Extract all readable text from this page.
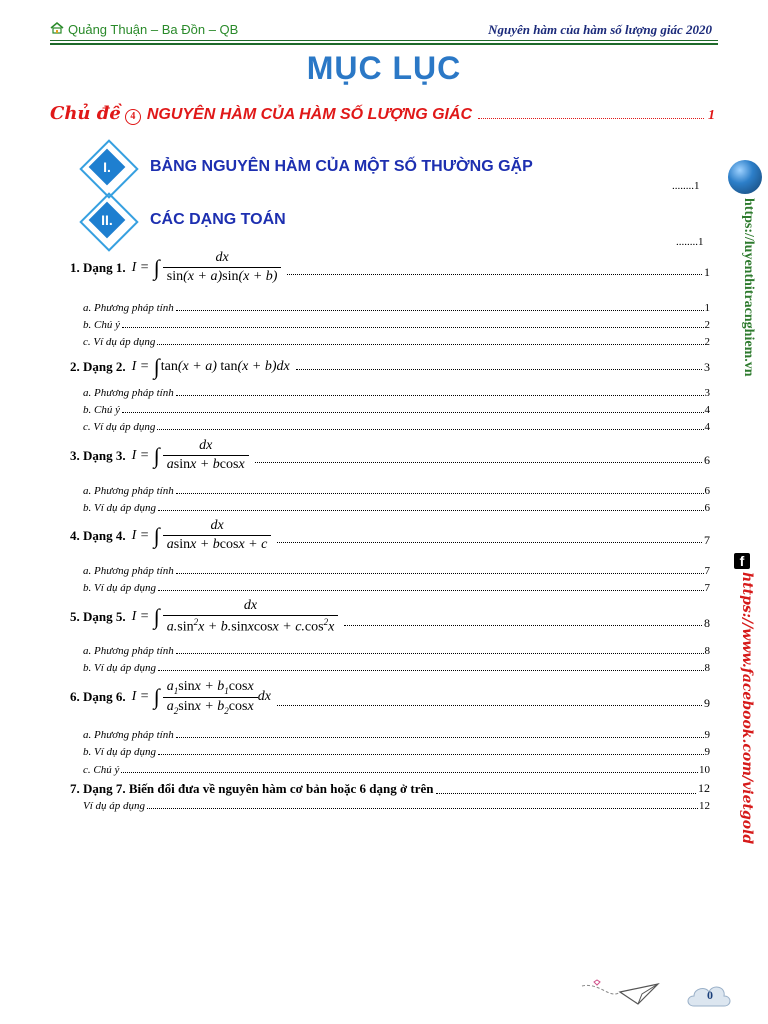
Quảng Thuận – Ba Đồn – QB	Nguyên hàm của hàm số lượng giác 2020
MỤC LỤC
Chủ đề 4 NGUYÊN HÀM CỦA HÀM SỐ LƯỢNG GIÁC	1
I.	BẢNG NGUYÊN HÀM CỦA MỘT SỐ THƯỜNG GẶP
........1
II.	CÁC DẠNG TOÁN
........1
1. Dạng 1. I = ∫ $\frac{dx}{\sin(x + a)\sin(x + b)}$	1
a. Phương pháp tính	1
b. Chú ý	2
c. Ví dụ áp dụng	2
2. Dạng 2. I = ∫ tan (x + a) tan (x + b)dx	3
a. Phương pháp tính	3
b. Chú ý	4
c. Ví dụ áp dụng	4
3. Dạng 3. I = ∫ $\frac{dx}{asinx + bcosx}$	6
a. Phương pháp tính	6
b. Ví dụ áp dụng	6
4. Dạng 4. I = ∫ $\frac{dx}{asinx + bcosx + c}$	7
a. Phương pháp tính	7
b. Ví dụ áp dụng	7
5. Dạng 5. I = ∫ $\frac{dx}{a.\sin^2x + b.sinxcosx + c.\cos^2x}$	8
a. Phương pháp tính	8
b. Ví dụ áp dụng	8
6. Dạng 6. I = ∫ $\frac{a_1\sin x + b_1\cos x}{a_2\sin x + b_2\cos x}$ dx	9
a. Phương pháp tính	9
b. Ví dụ áp dụng	9
c. Chú ý	10
7. Dạng 7. Biến đổi đưa về nguyên hàm cơ bản hoặc 6 dạng ở trên	12
Ví dụ áp dụng	12
https://luyenthitracnghiem.vn
f
https://www.facebook.com/vietgold
0
